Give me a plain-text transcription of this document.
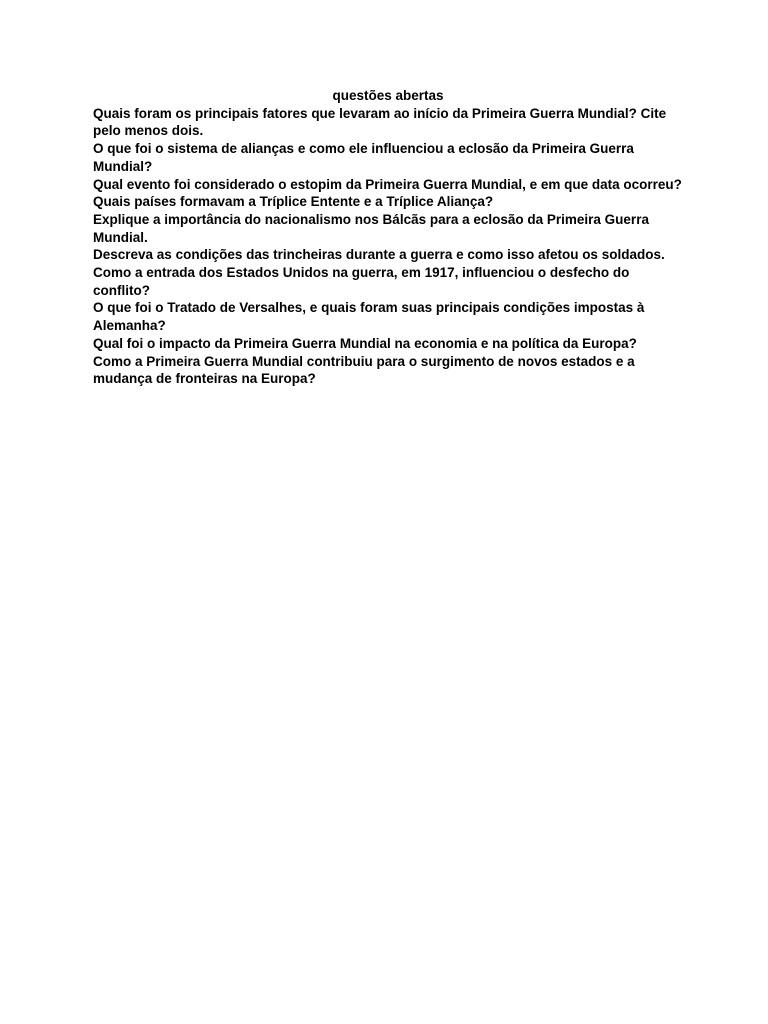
questões abertas

Quais foram os principais fatores que levaram ao início da Primeira Guerra Mundial? Cite pelo menos dois.
O que foi o sistema de alianças e como ele influenciou a eclosão da Primeira Guerra Mundial?
Qual evento foi considerado o estopim da Primeira Guerra Mundial, e em que data ocorreu?
Quais países formavam a Tríplice Entente e a Tríplice Aliança?
Explique a importância do nacionalismo nos Bálcãs para a eclosão da Primeira Guerra Mundial.
Descreva as condições das trincheiras durante a guerra e como isso afetou os soldados.
Como a entrada dos Estados Unidos na guerra, em 1917, influenciou o desfecho do conflito?
O que foi o Tratado de Versalhes, e quais foram suas principais condições impostas à Alemanha?
Qual foi o impacto da Primeira Guerra Mundial na economia e na política da Europa?
Como a Primeira Guerra Mundial contribuiu para o surgimento de novos estados e a mudança de fronteiras na Europa?
